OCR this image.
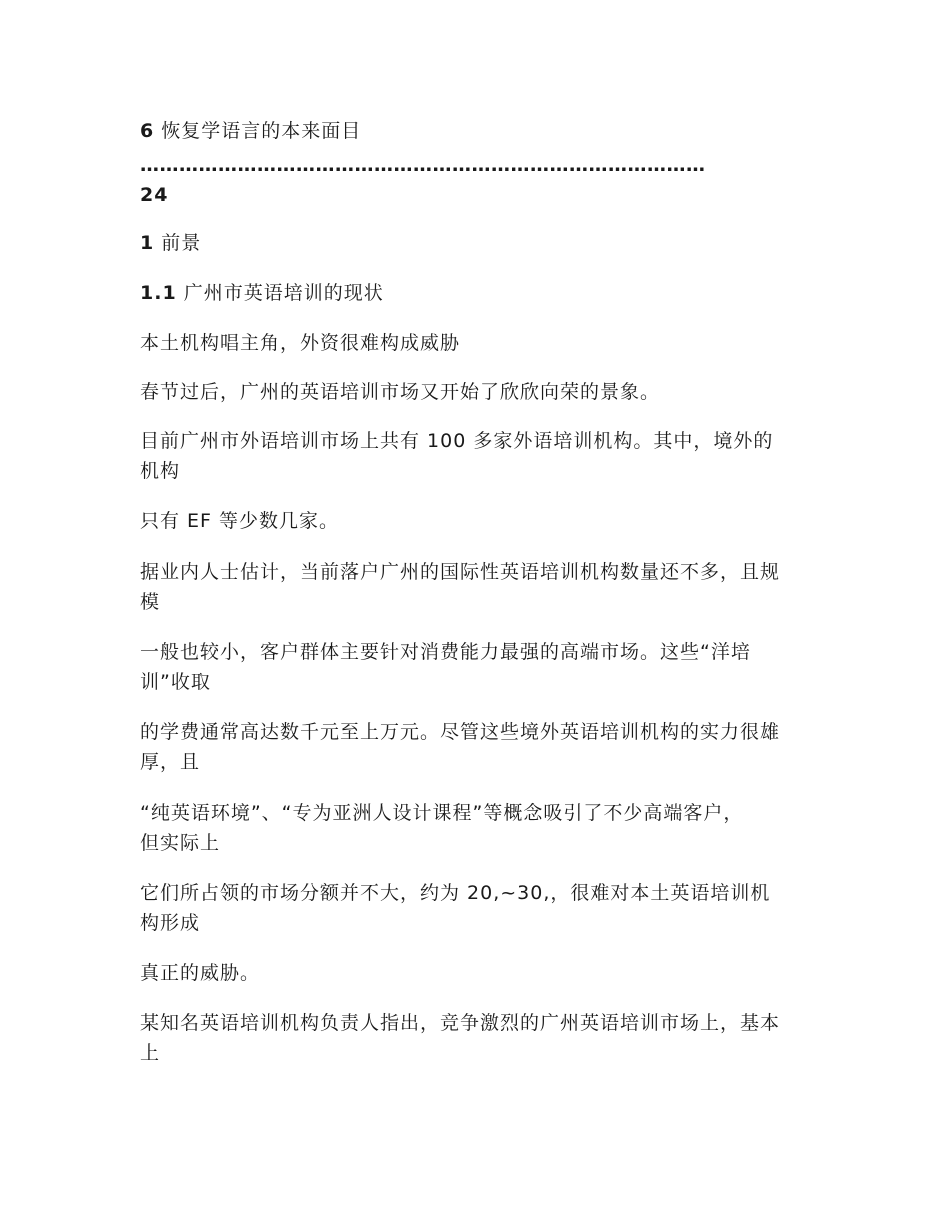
6 恢复学语言的本来面目
……………………………………………………………………………
24
1 前景
1.1 广州市英语培训的现状
本土机构唱主角，外资很难构成威胁
春节过后，广州的英语培训市场又开始了欣欣向荣的景象。
目前广州市外语培训市场上共有 100 多家外语培训机构。其中，境外的
机构
只有 EF 等少数几家。
据业内人士估计，当前落户广州的国际性英语培训机构数量还不多，且规
模
一般也较小，客户群体主要针对消费能力最强的高端市场。这些“洋培
训”收取
的学费通常高达数千元至上万元。尽管这些境外英语培训机构的实力很雄
厚，且
“纯英语环境”、“专为亚洲人设计课程”等概念吸引了不少高端客户，
但实际上
它们所占领的市场分额并不大，约为 20,~30,，很难对本土英语培训机
构形成
真正的威胁。
某知名英语培训机构负责人指出，竞争激烈的广州英语培训市场上，基本
上
